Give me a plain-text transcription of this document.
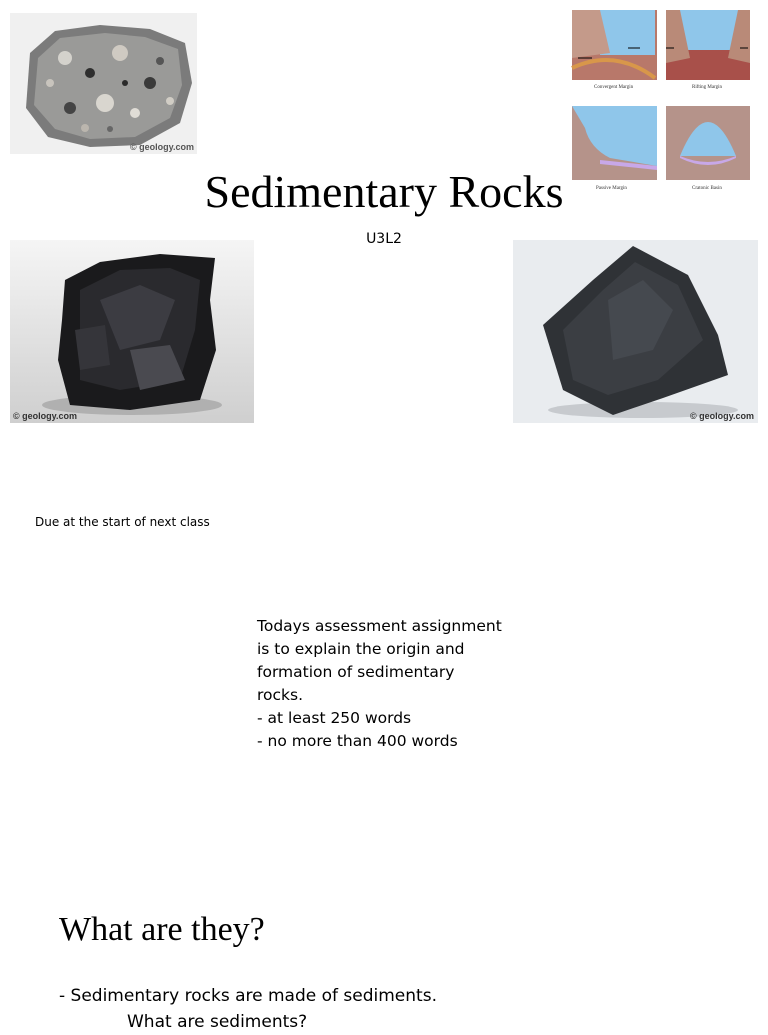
© geology.com
Convergent Margin	Rifting Margin
Passive Margin	Cratonic Basin
Sedimentary Rocks
U3L2
© geology.com	© geology.com
Due at the start of next class
Todays assessment assignment
is to explain the origin and
formation of sedimentary
rocks.
- at least 250 words
- no more than 400 words
What are they?
- Sedimentary rocks are made of sediments.
What are sediments?
